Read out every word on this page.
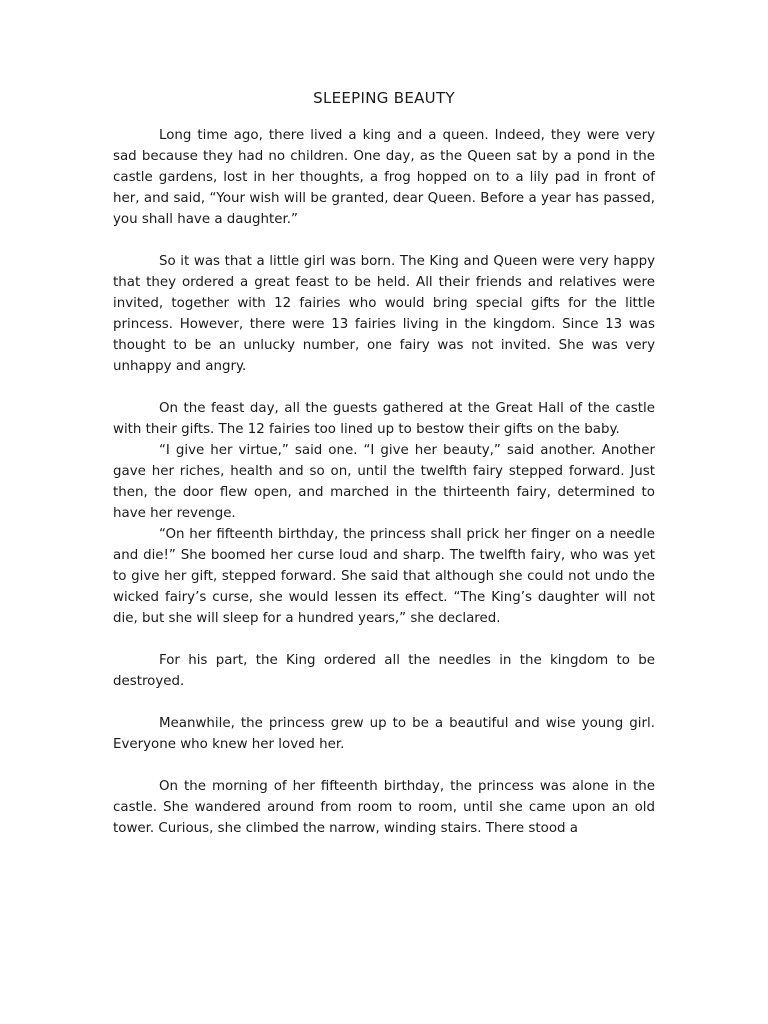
SLEEPING BEAUTY

Long time ago, there lived a king and a queen. Indeed, they were very sad because they had no children. One day, as the Queen sat by a pond in the castle gardens, lost in her thoughts, a frog hopped on to a lily pad in front of her, and said, “Your wish will be granted, dear Queen. Before a year has passed, you shall have a daughter.”

So it was that a little girl was born. The King and Queen were very happy that they ordered a great feast to be held. All their friends and relatives were invited, together with 12 fairies who would bring special gifts for the little princess. However, there were 13 fairies living in the kingdom. Since 13 was thought to be an unlucky number, one fairy was not invited. She was very unhappy and angry.

On the feast day, all the guests gathered at the Great Hall of the castle with their gifts. The 12 fairies too lined up to bestow their gifts on the baby.

“I give her virtue,” said one. “I give her beauty,” said another. Another gave her riches, health and so on, until the twelfth fairy stepped forward. Just then, the door flew open, and marched in the thirteenth fairy, determined to have her revenge.

“On her fifteenth birthday, the princess shall prick her finger on a needle and die!” She boomed her curse loud and sharp. The twelfth fairy, who was yet to give her gift, stepped forward. She said that although she could not undo the wicked fairy’s curse, she would lessen its effect. “The King’s daughter will not die, but she will sleep for a hundred years,” she declared.

For his part, the King ordered all the needles in the kingdom to be destroyed.

Meanwhile, the princess grew up to be a beautiful and wise young girl. Everyone who knew her loved her.

On the morning of her fifteenth birthday, the princess was alone in the castle. She wandered around from room to room, until she came upon an old tower. Curious, she climbed the narrow, winding stairs. There stood a
